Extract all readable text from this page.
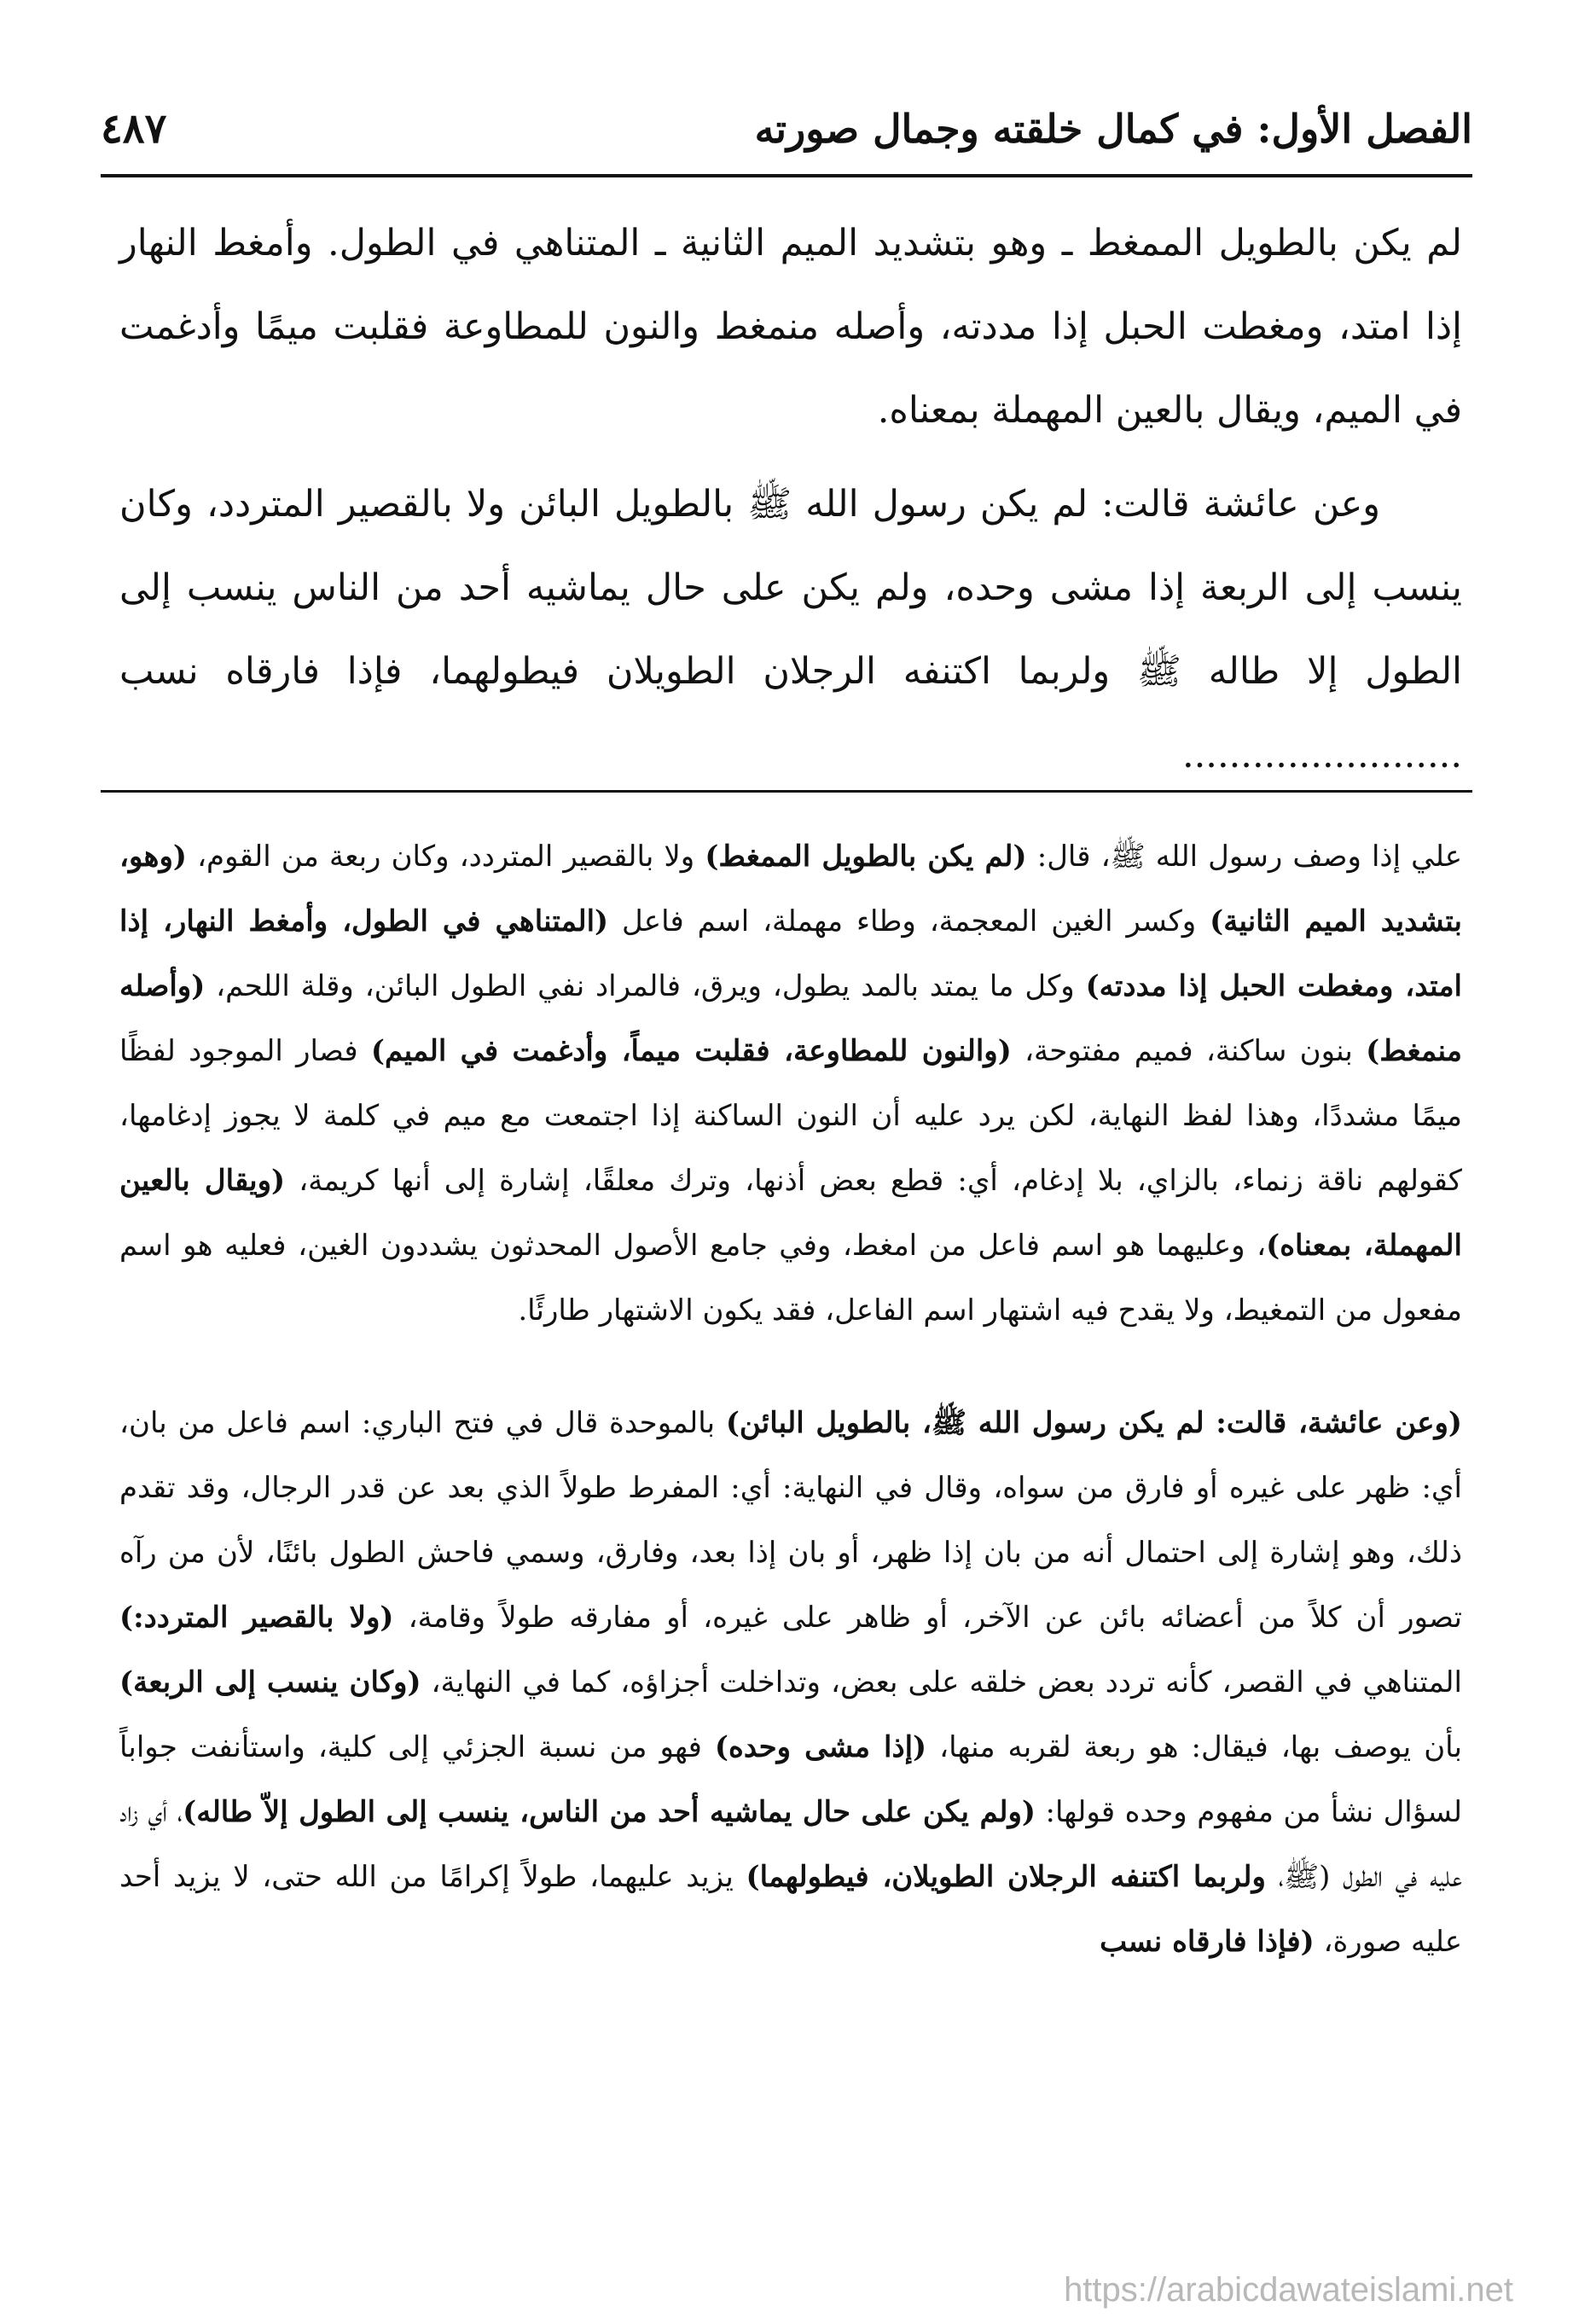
الفصل الأول: في كمال خلقته وجمال صورته
٤٨٧

لم يكن بالطويل الممغط ـ وهو بتشديد الميم الثانية ـ المتناهي في الطول. وأمغط النهار إذا امتد، ومغطت الحبل إذا مددته، وأصله منمغط والنون للمطاوعة فقلبت ميمًا وأدغمت في الميم، ويقال بالعين المهملة بمعناه.

وعن عائشة قالت: لم يكن رسول الله ﷺ بالطويل البائن ولا بالقصير المتردد، وكان ينسب إلى الربعة إذا مشى وحده، ولم يكن على حال يماشيه أحد من الناس ينسب إلى الطول إلا طاله ﷺ ولربما اكتنفه الرجلان الطويلان فيطولهما، فإذا فارقاه نسب ........................

علي إذا وصف رسول الله ﷺ، قال: (لم يكن بالطويل الممغط) ولا بالقصير المتردد، وكان ربعة من القوم، (وهو، بتشديد الميم الثانية) وكسر الغين المعجمة، وطاء مهملة، اسم فاعل (المتناهي في الطول، وأمغط النهار، إذا امتد، ومغطت الحبل إذا مددته) وكل ما يمتد بالمد يطول، ويرق، فالمراد نفي الطول البائن، وقلة اللحم، (وأصله منمغط) بنون ساكنة، فميم مفتوحة، (والنون للمطاوعة، فقلبت ميماً، وأدغمت في الميم) فصار الموجود لفظًا ميمًا مشددًا، وهذا لفظ النهاية، لكن يرد عليه أن النون الساكنة إذا اجتمعت مع ميم في كلمة لا يجوز إدغامها، كقولهم ناقة زنماء، بالزاي، بلا إدغام، أي: قطع بعض أذنها، وترك معلقًا، إشارة إلى أنها كريمة، (ويقال بالعين المهملة، بمعناه)، وعليهما هو اسم فاعل من امغط، وفي جامع الأصول المحدثون يشددون الغين، فعليه هو اسم مفعول من التمغيط، ولا يقدح فيه اشتهار اسم الفاعل، فقد يكون الاشتهار طارئًا.

(وعن عائشة، قالت: لم يكن رسول الله ﷺ، بالطويل البائن) بالموحدة قال في فتح الباري: اسم فاعل من بان، أي: ظهر على غيره أو فارق من سواه، وقال في النهاية: أي: المفرط طولاً الذي بعد عن قدر الرجال، وقد تقدم ذلك، وهو إشارة إلى احتمال أنه من بان إذا ظهر، أو بان إذا بعد، وفارق، وسمي فاحش الطول بائنًا، لأن من رآه تصور أن كلاً من أعضائه بائن عن الآخر، أو ظاهر على غيره، أو مفارقه طولاً وقامة، (ولا بالقصير المتردد:) المتناهي في القصر، كأنه تردد بعض خلقه على بعض، وتداخلت أجزاؤه، كما في النهاية، (وكان ينسب إلى الربعة) بأن يوصف بها، فيقال: هو ربعة لقربه منها، (إذا مشى وحده) فهو من نسبة الجزئي إلى كلية، واستأنفت جواباً لسؤال نشأ من مفهوم وحده قولها: (ولم يكن على حال يماشيه أحد من الناس، ينسب إلى الطول إلاّ طاله)، أي زاد عليه في الطول (ﷺ، ولربما اكتنفه الرجلان الطويلان، فيطولهما) يزيد عليهما، طولاً إكرامًا من الله حتى، لا يزيد أحد عليه صورة، (فإذا فارقاه نسب

https://arabicdawateislami.net
